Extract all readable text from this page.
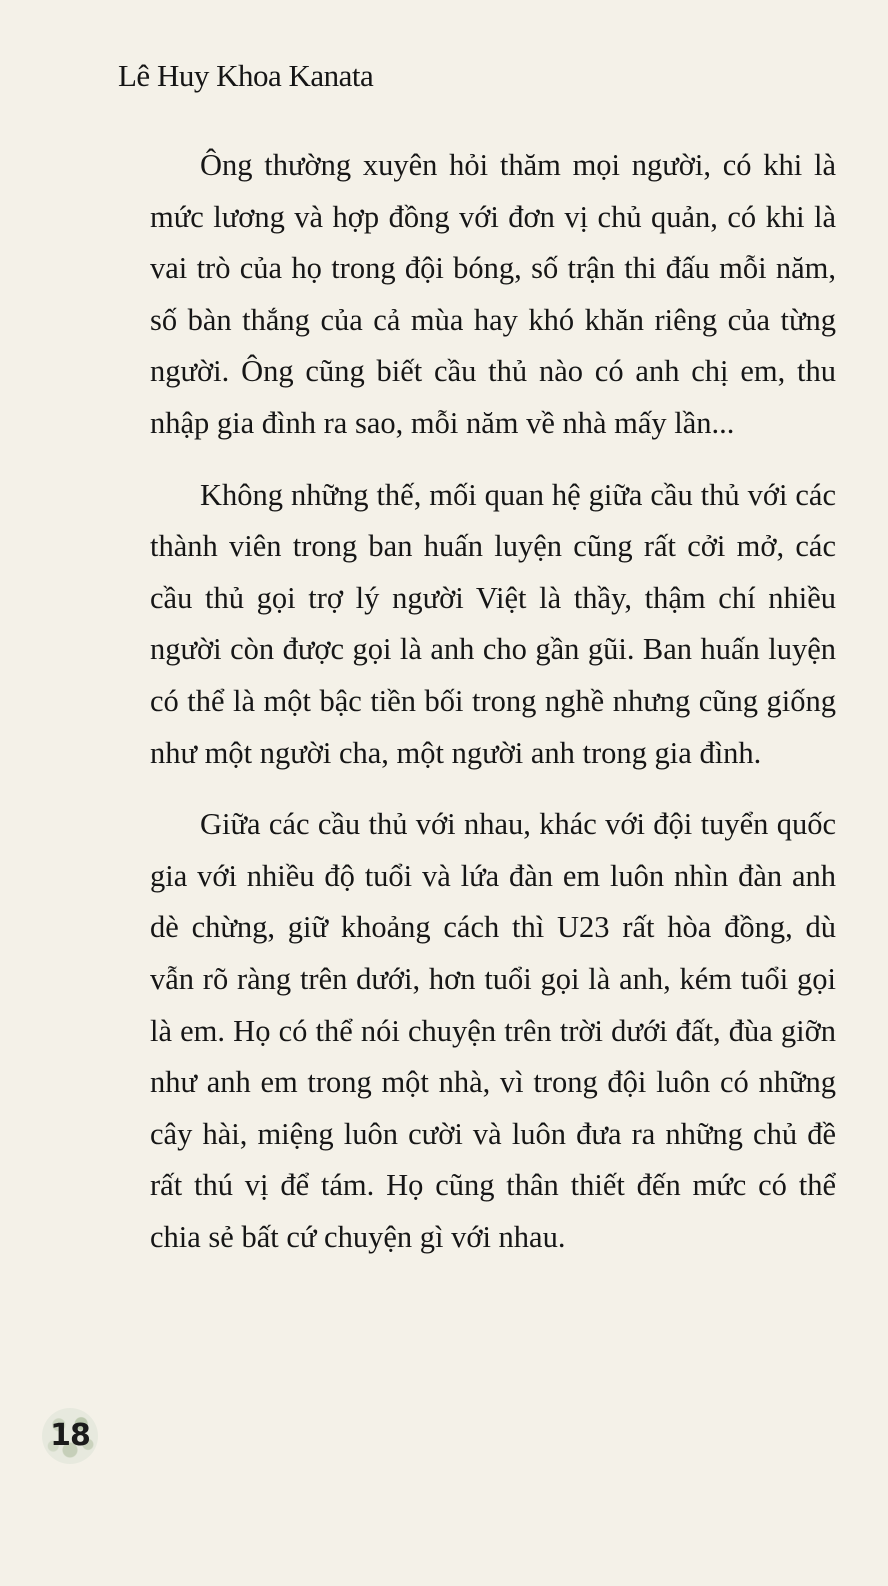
Lê Huy Khoa Kanata

Ông thường xuyên hỏi thăm mọi người, có khi là mức lương và hợp đồng với đơn vị chủ quản, có khi là vai trò của họ trong đội bóng, số trận thi đấu mỗi năm, số bàn thắng của cả mùa hay khó khăn riêng của từng người. Ông cũng biết cầu thủ nào có anh chị em, thu nhập gia đình ra sao, mỗi năm về nhà mấy lần...

Không những thế, mối quan hệ giữa cầu thủ với các thành viên trong ban huấn luyện cũng rất cởi mở, các cầu thủ gọi trợ lý người Việt là thầy, thậm chí nhiều người còn được gọi là anh cho gần gũi. Ban huấn luyện có thể là một bậc tiền bối trong nghề nhưng cũng giống như một người cha, một người anh trong gia đình.

Giữa các cầu thủ với nhau, khác với đội tuyển quốc gia với nhiều độ tuổi và lứa đàn em luôn nhìn đàn anh dè chừng, giữ khoảng cách thì U23 rất hòa đồng, dù vẫn rõ ràng trên dưới, hơn tuổi gọi là anh, kém tuổi gọi là em. Họ có thể nói chuyện trên trời dưới đất, đùa giỡn như anh em trong một nhà, vì trong đội luôn có những cây hài, miệng luôn cười và luôn đưa ra những chủ đề rất thú vị để tám. Họ cũng thân thiết đến mức có thể chia sẻ bất cứ chuyện gì với nhau.

18
